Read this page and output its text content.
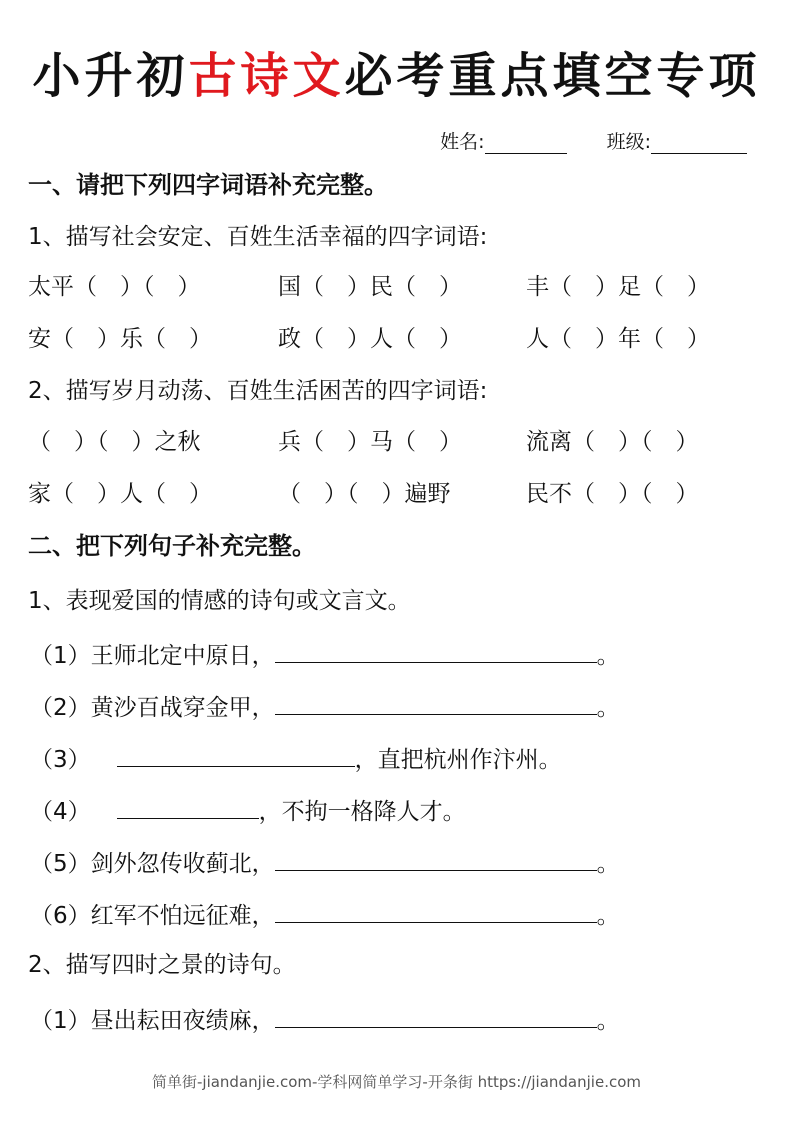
小升初古诗文必考重点填空专项
姓名:	班级:
一、请把下列四字词语补充完整。
1、描写社会安定、百姓生活幸福的四字词语:
太平（　）（　）	国（　）民（　）	丰（　）足（　）
安（　）乐（　）	政（　）人（　）	人（　）年（　）
2、描写岁月动荡、百姓生活困苦的四字词语:
（　）（　）之秋	兵（　）马（　）	流离（　）（　）
家（　）人（　）	（　）（　）遍野	民不（　）（　）
二、把下列句子补充完整。
1、表现爱国的情感的诗句或文言文。
（1）王师北定中原日，	。
（2）黄沙百战穿金甲，	。
（3）	，直把杭州作汴州。
（4）	，不拘一格降人才。
（5）剑外忽传收蓟北，	。
（6）红军不怕远征难，	。
2、描写四时之景的诗句。
（1）昼出耘田夜绩麻，	。
简单街-jiandanjie.com-学科网简单学习-开条街 https://jiandanjie.com
